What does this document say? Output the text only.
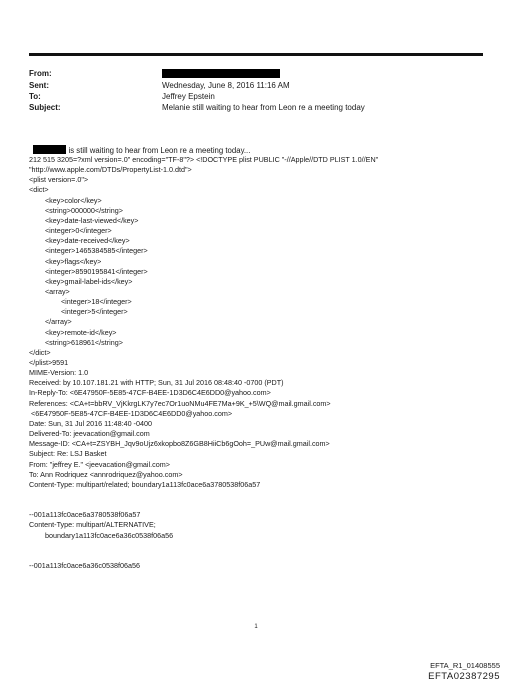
From:
Sent:	Wednesday, June 8, 2016 11:16 AM
To:	Jeffrey Epstein
Subject:	Melanie still waiting to hear from Leon re a meeting today

is still waiting to hear from Leon re a meeting today...

212 515 3205=?xml version=.0" encoding="TF-8"?> <!DOCTYPE plist PUBLIC "-//Apple//DTD PLIST 1.0//EN"
"http://www.apple.com/DTDs/PropertyList-1.0.dtd">
<plist version=.0">
<dict>
<key>color</key>
<string>000000</string>
<key>date-last-viewed</key>
<integer>0</integer>
<key>date-received</key>
<integer>1465384585</integer>
<key>flags</key>
<integer>8590195841</integer>
<key>gmail-label-ids</key>
<array>
<integer>18</integer>
<integer>5</integer>
</array>
<key>remote-id</key>
<string>618961</string>
</dict>
</plist>9591
MIME-Version: 1.0
Received: by 10.107.181.21 with HTTP; Sun, 31 Jul 2016 08:48:40 -0700 (PDT)
In-Reply-To: <6E47950F-5E85-47CF-B4EE-1D3D6C4E6DD0@yahoo.com>
References: <CA+t=bbRV_VjKkrgLK7y7ec7Or1uoNMu4FE7Ma+9K_+5\WQ@mail.gmail.com>
<6E47950F-5E85-47CF-B4EE-1D3D6C4E6DD0@yahoo.com>
Date: Sun, 31 Jul 2016 11:48:40 -0400
Delivered-To: jeevacation@gmail.com
Message-ID: <CA+t=ZSYBH_Jqv9oUjz6xkopbo8Z6GB8HiiCb6gOoh=_PUw@mail.gmail.com>
Subject: Re: LSJ Basket
From: "jeffrey E." <jeevacation@gmail.com>
To: Ann Rodriquez <annrodriquez@yahoo.com>
Content-Type: multipart/related; boundary1a113fc0ace6a3780538f06a57
--001a113fc0ace6a3780538f06a57
Content-Type: multipart/ALTERNATIVE;
boundary1a113fc0ace6a36c0538f06a56
--001a113fc0ace6a36c0538f06a56
1
EFTA_R1_01408555
EFTA02387295
